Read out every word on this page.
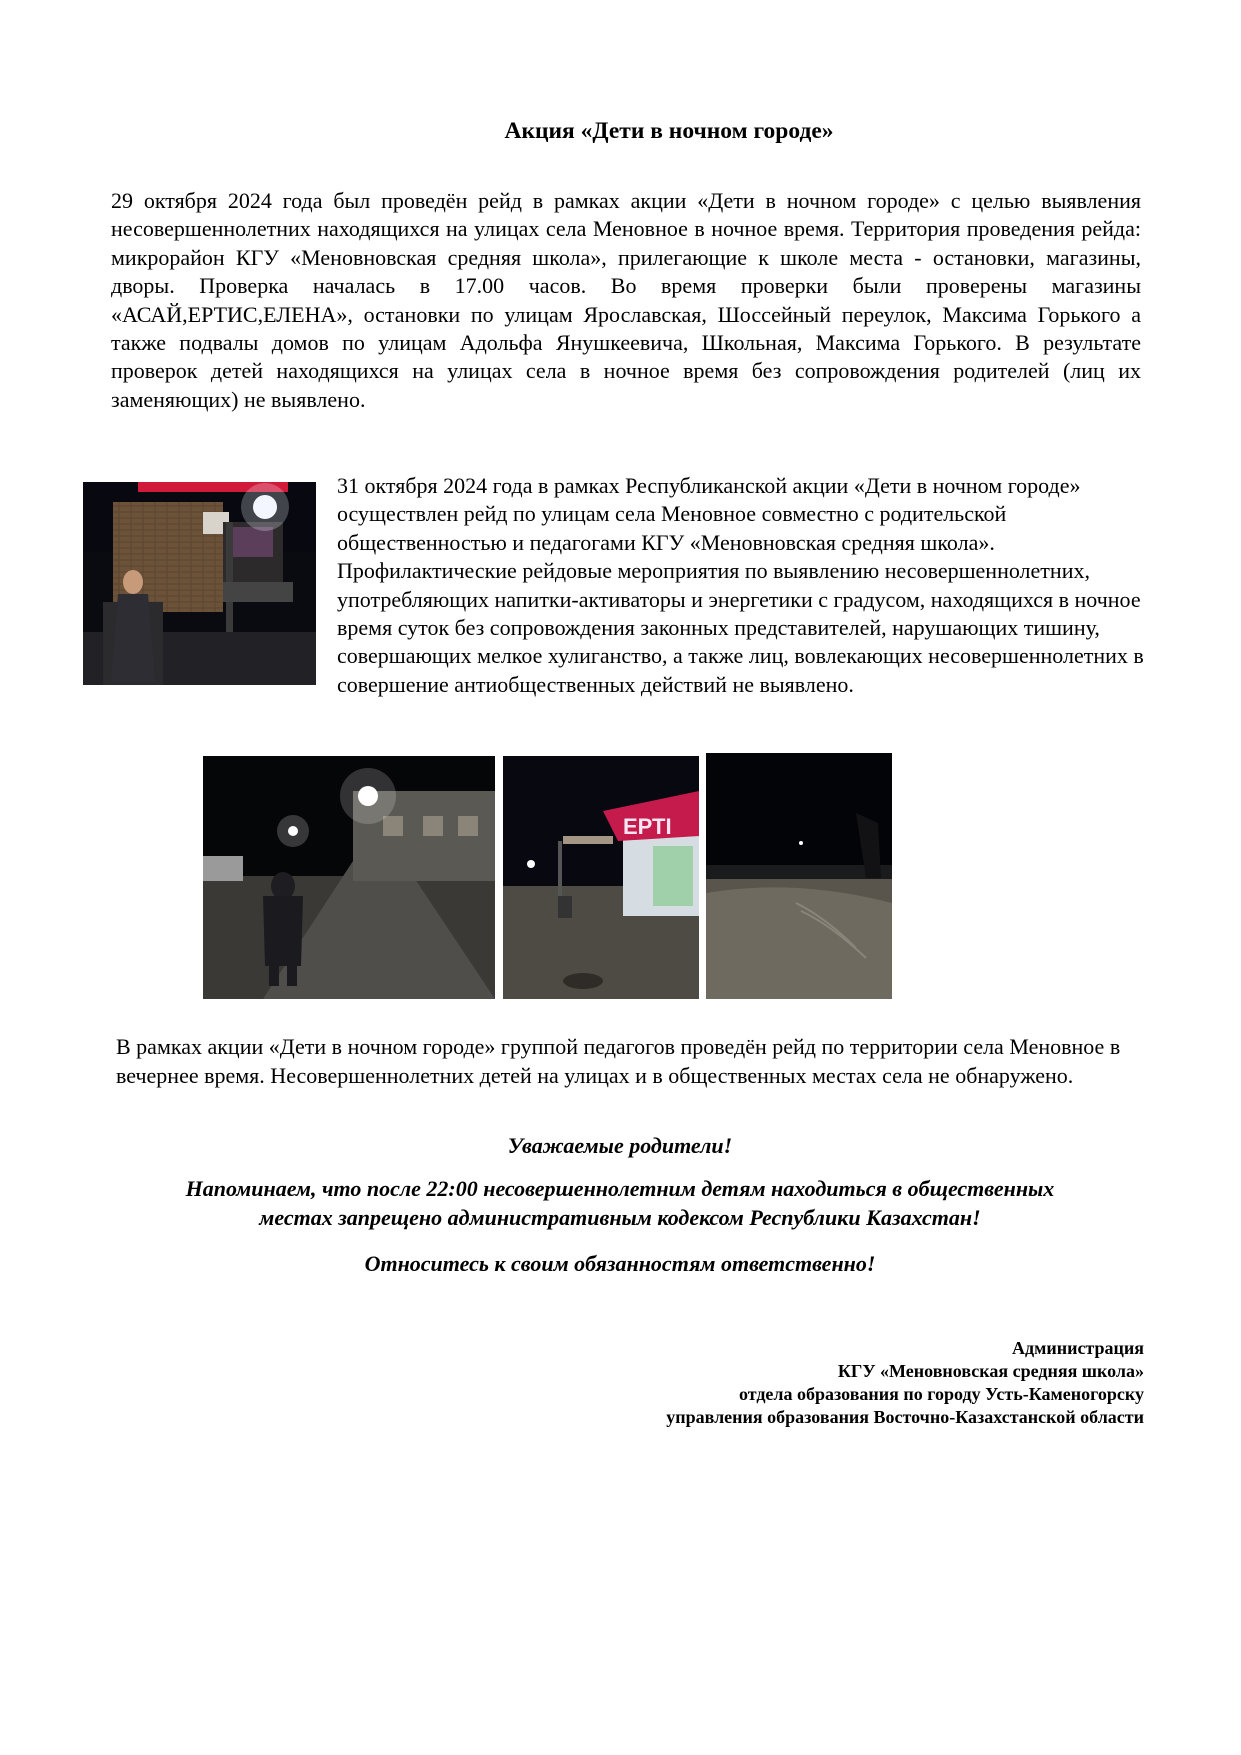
Акция «Дети в ночном городе»
29 октября 2024 года был проведён рейд в рамках акции «Дети в ночном городе» с целью выявления несовершеннолетних находящихся на улицах села Меновное в ночное время. Территория проведения рейда: микрорайон КГУ «Меновновская средняя школа», прилегающие к школе места - остановки, магазины, дворы. Проверка началась в 17.00 часов. Во время проверки были проверены магазины «АСАЙ,ЕРТИС,ЕЛЕНА», остановки по улицам Ярославская, Шоссейный переулок, Максима Горького а также подвалы домов по улицам Адольфа Янушкеевича, Школьная, Максима Горького. В результате проверок детей находящихся на улицах села в ночное время без сопровождения родителей (лиц их заменяющих) не выявлено.
31 октября 2024 года в рамках Республиканской акции «Дети в ночном городе» осуществлен рейд по улицам села Меновное совместно с родительской общественностью и педагогами КГУ «Меновновская средняя школа». Профилактические рейдовые мероприятия по выявлению несовершеннолетних, употребляющих напитки-активаторы и энергетики с градусом, находящихся в ночное время суток без сопровождения законных представителей, нарушающих тишину, совершающих мелкое хулиганство, а также лиц, вовлекающих несовершеннолетних в совершение антиобщественных действий не выявлено.
ЕРТІ
В рамках акции «Дети в ночном городе» группой педагогов проведён рейд по территории села Меновное в вечернее время. Несовершеннолетних детей на улицах и в общественных местах села не обнаружено.
Уважаемые родители!
Напоминаем, что после 22:00 несовершеннолетним детям находиться в общественных
местах запрещено административным кодексом Республики Казахстан!
Относитесь к своим обязанностям ответственно!
Администрация
КГУ «Меновновская средняя школа»
отдела образования по городу Усть-Каменогорску
управления образования Восточно-Казахстанской области
